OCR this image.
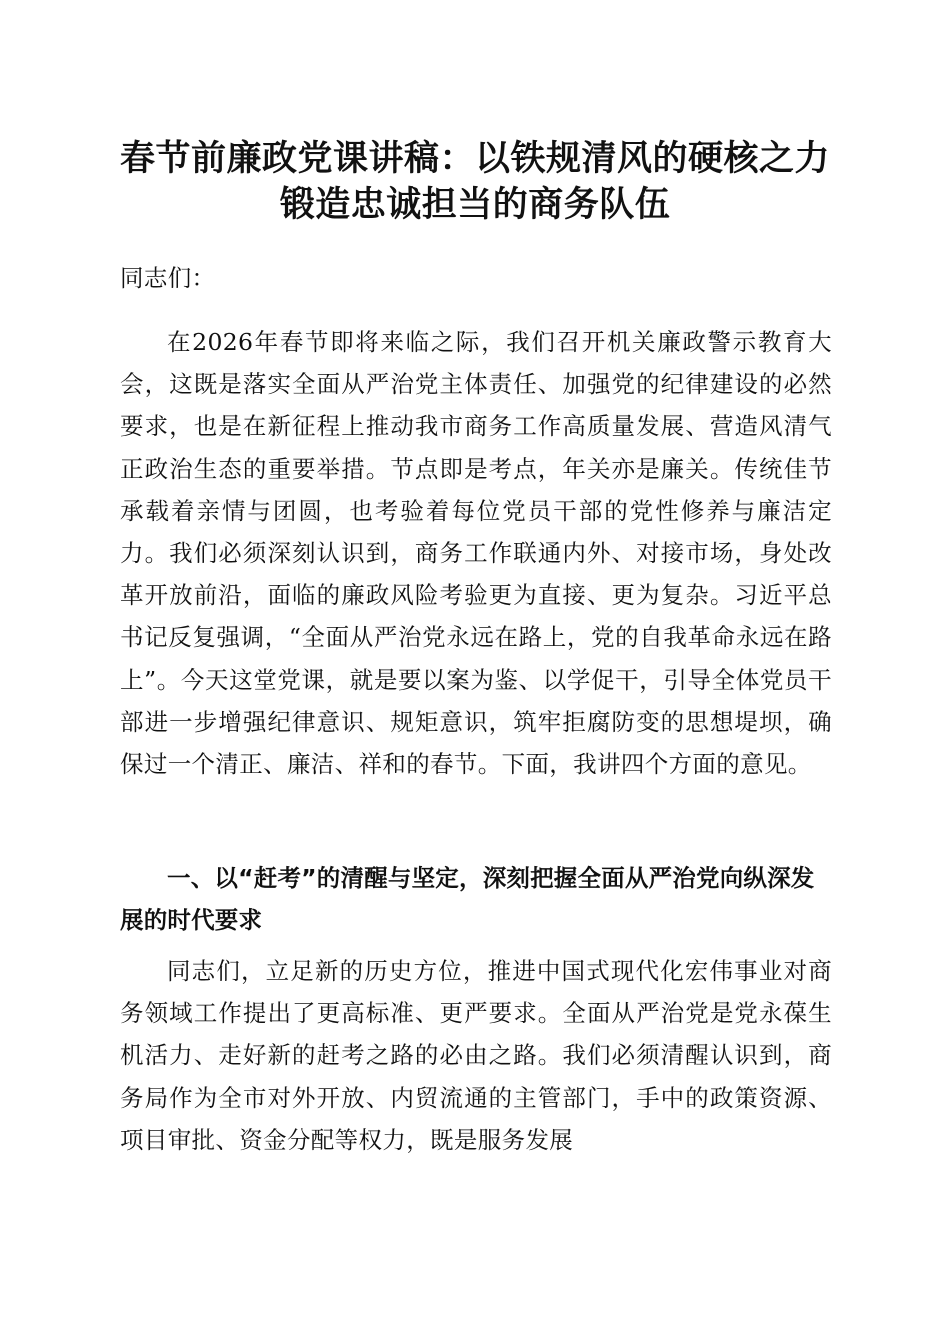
春节前廉政党课讲稿：以铁规清风的硬核之力
锻造忠诚担当的商务队伍

同志们：

在2026年春节即将来临之际，我们召开机关廉政警示教育大会，这既是落实全面从严治党主体责任、加强党的纪律建设的必然要求，也是在新征程上推动我市商务工作高质量发展、营造风清气正政治生态的重要举措。节点即是考点，年关亦是廉关。传统佳节承载着亲情与团圆，也考验着每位党员干部的党性修养与廉洁定力。我们必须深刻认识到，商务工作联通内外、对接市场，身处改革开放前沿，面临的廉政风险考验更为直接、更为复杂。习近平总书记反复强调，“全面从严治党永远在路上，党的自我革命永远在路上”。今天这堂党课，就是要以案为鉴、以学促干，引导全体党员干部进一步增强纪律意识、规矩意识，筑牢拒腐防变的思想堤坝，确保过一个清正、廉洁、祥和的春节。下面，我讲四个方面的意见。

一、以“赶考”的清醒与坚定，深刻把握全面从严治党向纵深发展的时代要求

同志们，立足新的历史方位，推进中国式现代化宏伟事业对商务领域工作提出了更高标准、更严要求。全面从严治党是党永葆生机活力、走好新的赶考之路的必由之路。我们必须清醒认识到，商务局作为全市对外开放、内贸流通的主管部门，手中的政策资源、项目审批、资金分配等权力，既是服务发展
